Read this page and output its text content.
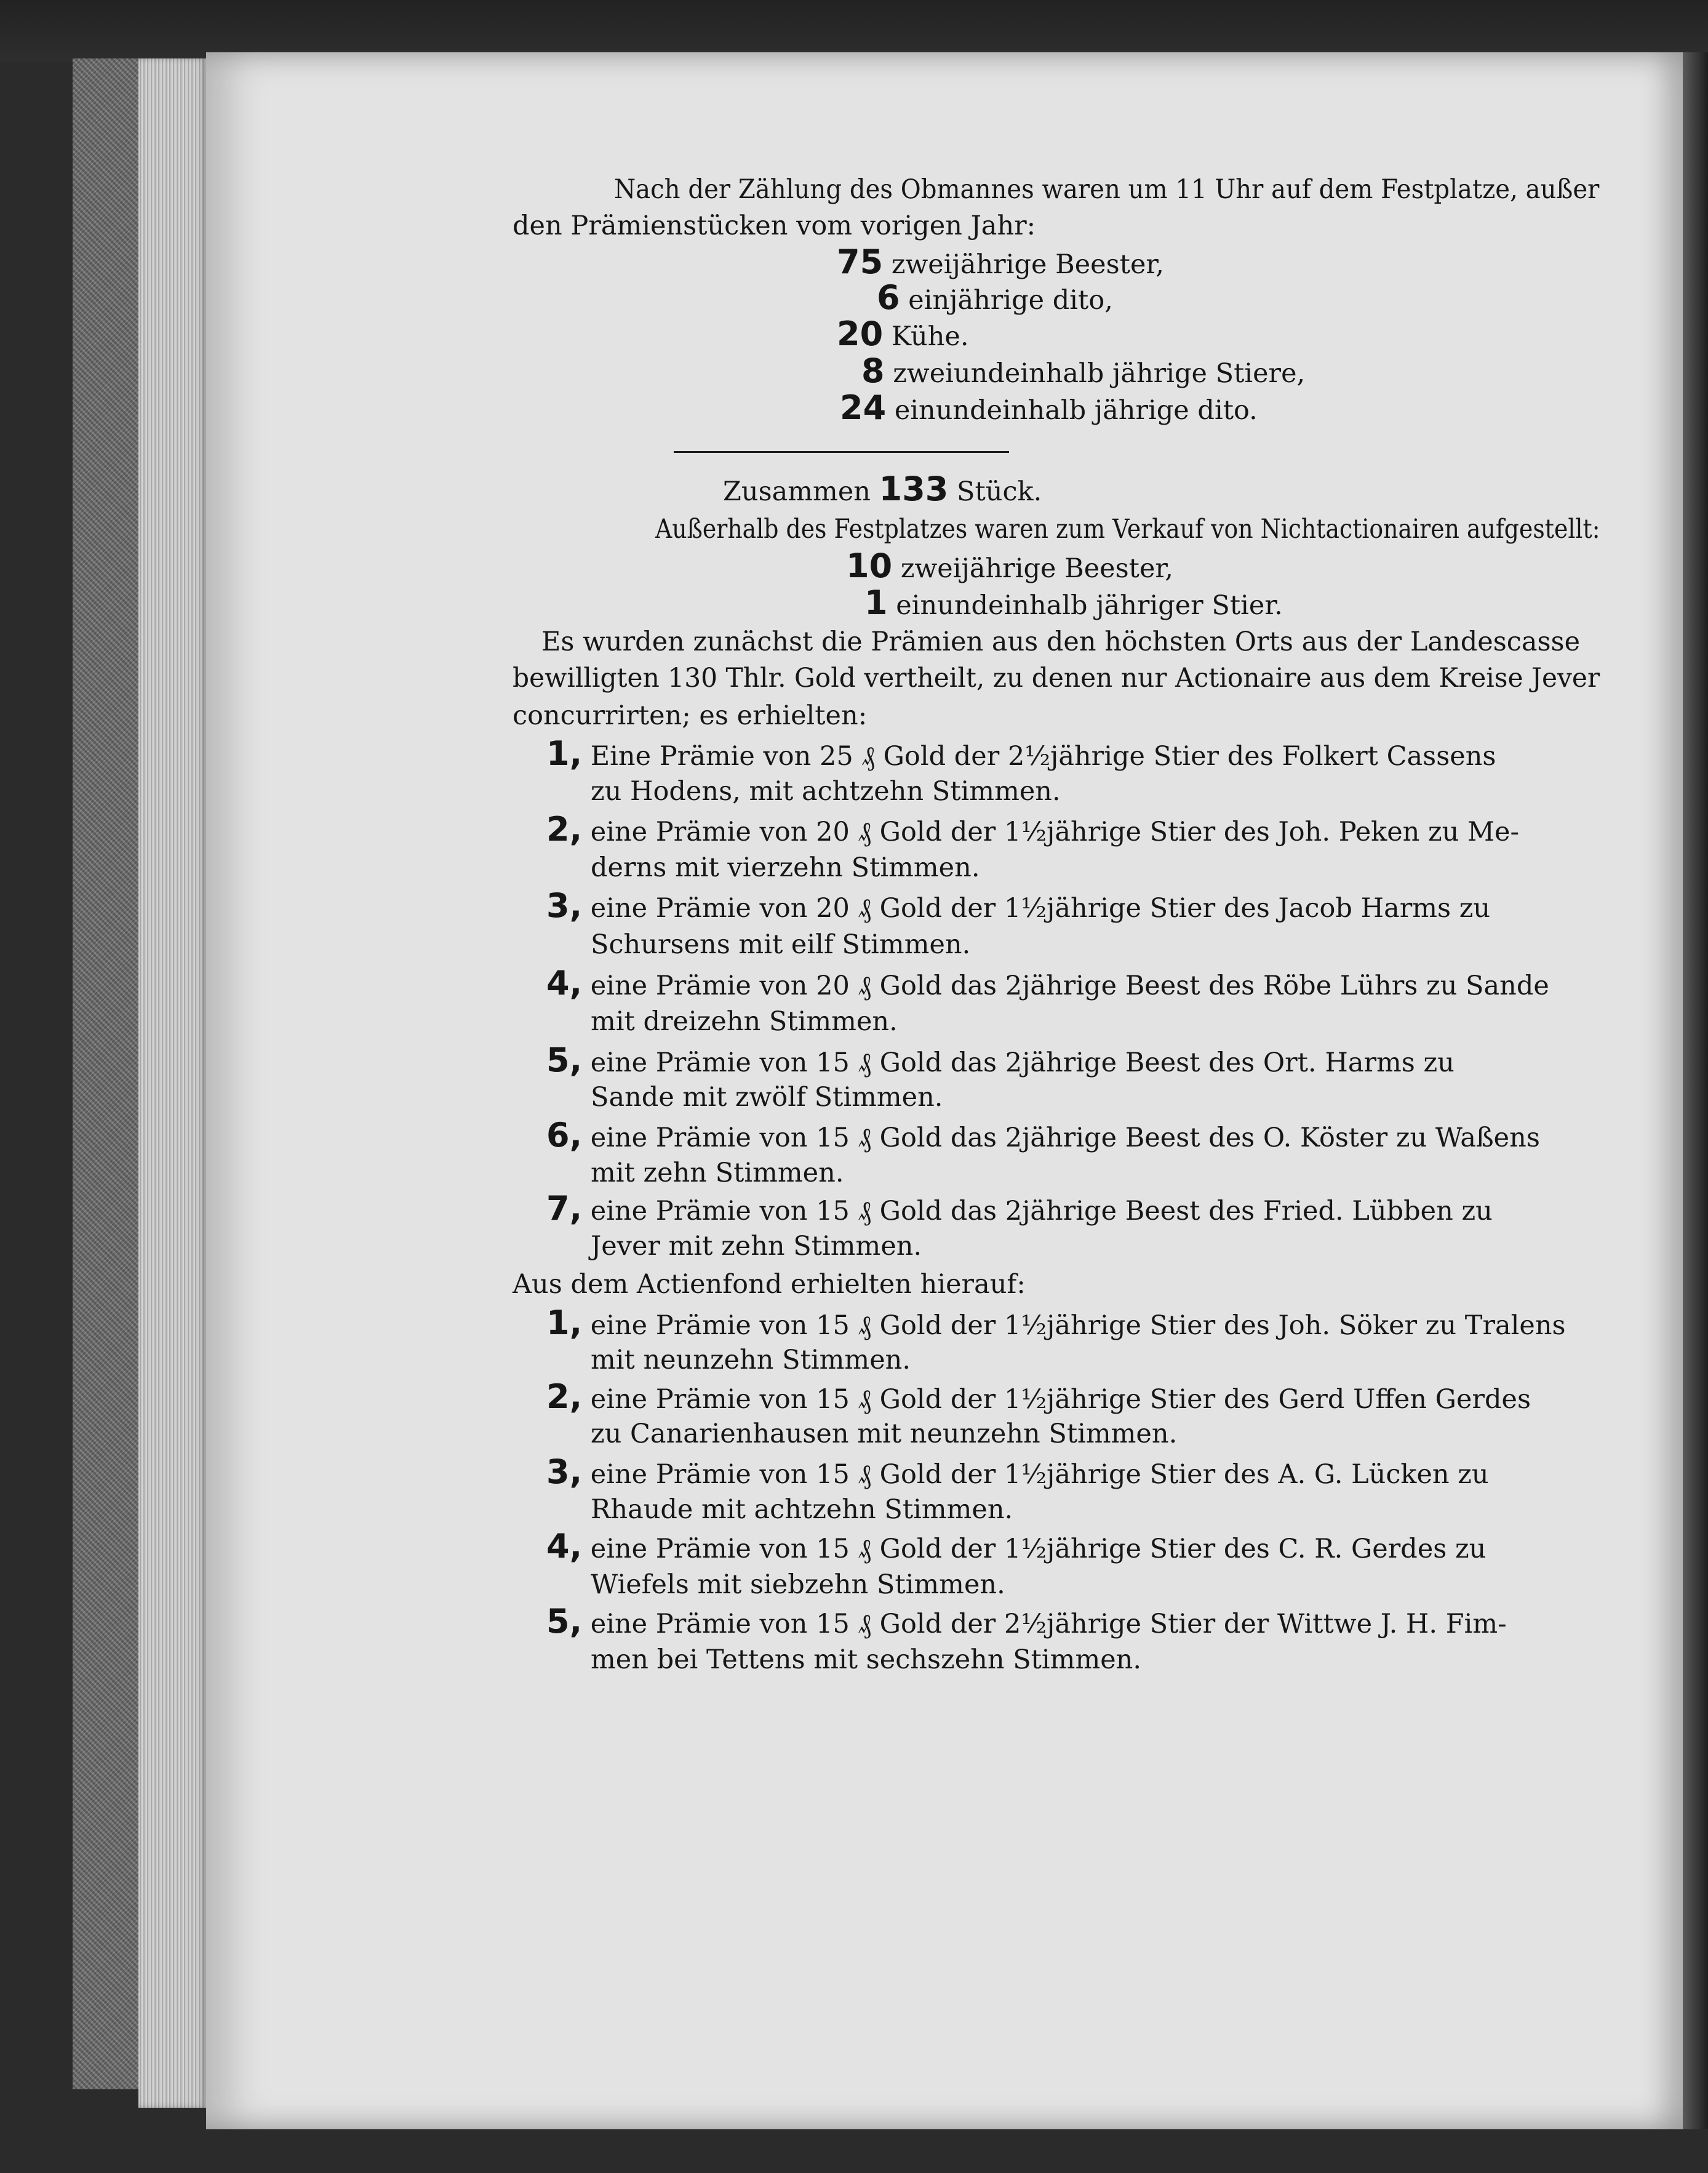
Nach der Zählung des Obmannes waren um 11 Uhr auf dem Festplatze, außer
den Prämienstücken vom vorigen Jahr:
75 zweijährige Beester,
6 einjährige dito,
20 Kühe.
8 zweiundeinhalb jährige Stiere,
24 einundeinhalb jährige dito.
Zusammen 133 Stück.
Außerhalb des Festplatzes waren zum Verkauf von Nichtactionairen aufgestellt:
10 zweijährige Beester,
1 einundeinhalb jähriger Stier.
Es wurden zunächst die Prämien aus den höchsten Orts aus der Landescasse
bewilligten 130 Thlr. Gold vertheilt, zu denen nur Actionaire aus dem Kreise Jever
concurrirten; es erhielten:
1, Eine Prämie von 25 ₰ Gold der 2½jährige Stier des Folkert Cassens
zu Hodens, mit achtzehn Stimmen.
2, eine Prämie von 20 ₰ Gold der 1½jährige Stier des Joh. Peken zu Me-
derns mit vierzehn Stimmen.
3, eine Prämie von 20 ₰ Gold der 1½jährige Stier des Jacob Harms zu
Schursens mit eilf Stimmen.
4, eine Prämie von 20 ₰ Gold das 2jährige Beest des Röbe Lührs zu Sande
mit dreizehn Stimmen.
5, eine Prämie von 15 ₰ Gold das 2jährige Beest des Ort. Harms zu
Sande mit zwölf Stimmen.
6, eine Prämie von 15 ₰ Gold das 2jährige Beest des O. Köster zu Waßens
mit zehn Stimmen.
7, eine Prämie von 15 ₰ Gold das 2jährige Beest des Fried. Lübben zu
Jever mit zehn Stimmen.
Aus dem Actienfond erhielten hierauf:
1, eine Prämie von 15 ₰ Gold der 1½jährige Stier des Joh. Söker zu Tralens
mit neunzehn Stimmen.
2, eine Prämie von 15 ₰ Gold der 1½jährige Stier des Gerd Uffen Gerdes
zu Canarienhausen mit neunzehn Stimmen.
3, eine Prämie von 15 ₰ Gold der 1½jährige Stier des A. G. Lücken zu
Rhaude mit achtzehn Stimmen.
4, eine Prämie von 15 ₰ Gold der 1½jährige Stier des C. R. Gerdes zu
Wiefels mit siebzehn Stimmen.
5, eine Prämie von 15 ₰ Gold der 2½jährige Stier der Wittwe J. H. Fim-
men bei Tettens mit sechszehn Stimmen.
